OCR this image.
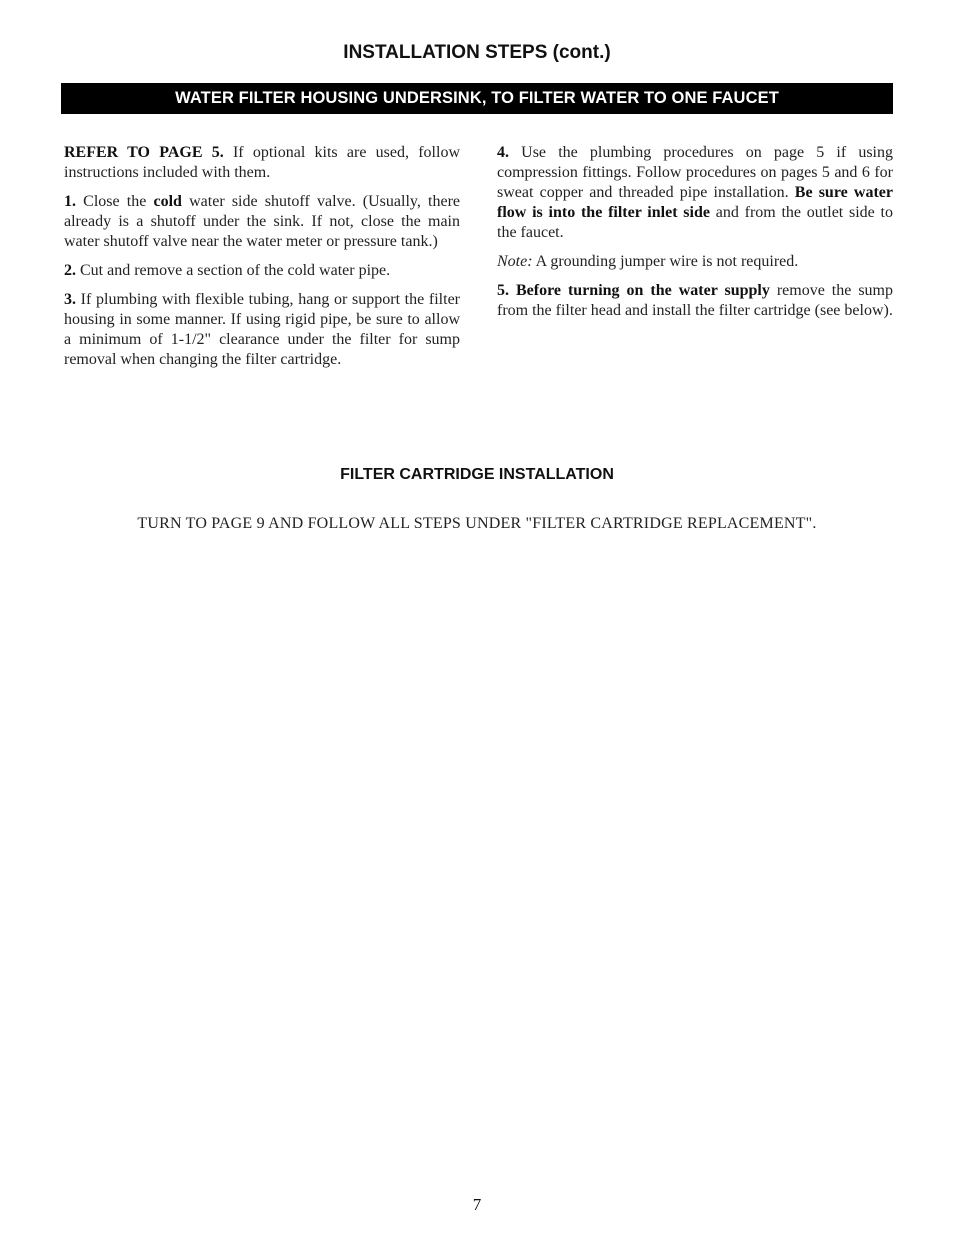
INSTALLATION STEPS (cont.)
WATER FILTER HOUSING UNDERSINK, TO FILTER WATER TO ONE FAUCET

REFER TO PAGE 5. If optional kits are used, follow instructions included with them.

1. Close the cold water side shutoff valve. (Usually, there already is a shutoff under the sink. If not, close the main water shutoff valve near the water meter or pressure tank.)

2. Cut and remove a section of the cold water pipe.

3. If plumbing with flexible tubing, hang or support the filter housing in some manner. If using rigid pipe, be sure to allow a minimum of 1-1/2" clearance under the filter for sump removal when changing the filter cartridge.

4. Use the plumbing procedures on page 5 if using compression fittings. Follow procedures on pages 5 and 6 for sweat copper and threaded pipe installation. Be sure water flow is into the filter inlet side and from the outlet side to the faucet.

Note: A grounding jumper wire is not required.

5. Before turning on the water supply remove the sump from the filter head and install the filter cartridge (see below).

FILTER CARTRIDGE INSTALLATION

TURN TO PAGE 9 AND FOLLOW ALL STEPS UNDER "FILTER CARTRIDGE REPLACEMENT".

7
